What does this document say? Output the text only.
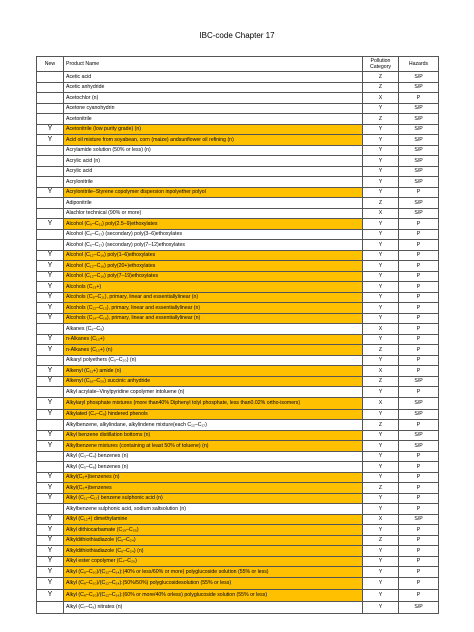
IBC-code Chapter 17
New	Product Name	Pollution Category	Hazards
	Acetic acid	Z	S/P
	Acetic anhydride	Z	S/P
	Acetochlor (n)	X	P
	Acetone cyanohydrin	Y	S/P
	Acetonitrile	Z	S/P
Y	Acetonitrile (low purity grade) (n)	Y	S/P
Y	Acid oil mixture from soyabean, corn (maize) andsunflower oil refining (n)	Y	S/P
	Acrylamide solution (50% or less) (n)	Y	S/P
	Acrylic acid (n)	Y	S/P
	Acrylic acid	Y	S/P
	Acrylonitrile	Y	S/P
Y	Acrylonitrile–Styrene copolymer dispersion inpolyether polyol	Y	P
	Adiponitrile	Z	S/P
	Alachlor technical (90% or more)	X	S/P
Y	Alcohol (C₉–C₁₁) poly(2.5–9)ethoxylates	Y	P
	Alcohol (C₆–C₁₇) (secondary) poly(3–6)ethoxylates	Y	P
	Alcohol (C₆–C₁₇) (secondary) poly(7–12)ethoxylates	Y	P
Y	Alcohol (C₁₂–C₁₆) poly(1–6)ethoxylates	Y	P
Y	Alcohol (C₁₂–C₁₆) poly(20+)ethoxylates	Y	P
Y	Alcohol (C₁₂–C₁₆) poly(7–19)ethoxylates	Y	P
Y	Alcohols (C₁₃+)	Y	P
Y	Alcohols (C₈–C₁₁), primary, linear and essentiallylinear (n)	Y	P
Y	Alcohols (C₁₂–C₁₃), primary, linear and essentiallylinear (n)	Y	P
Y	Alcohols (C₁₄–C₁₈), primary, linear and essentiallylinear (n)	Y	P
	Alkanes (C₆–C₉)	X	P
Y	n-Alkanes (C₁₀+)	Y	P
Y	n-Alkanes (C₁₀+) (n)	Z	P
	Alkaryl polyethers (C₉–C₂₀) (n)	Y	P
Y	Alkenyl (C₁₁+) amide (n)	X	P
Y	Alkenyl (C₁₆–C₂₀) succinic anhydride	Z	S/P
	Alkyl acrylate–Vinylpyridine copolymer intoluene (n)	Y	P
Y	Alkylaryl phosphate mixtures (more than40% Diphenyl tolyl phosphate, less than0.02% ortho-isomers)	X	S/P
Y	Alkylated (C₄–C₉) hindered phenols	Y	S/P
	Alkylbenzene, alkylindane, alkylindene mixture(each C₁₂–C₁₇)	Z	P
Y	Alkyl benzene distillation bottoms (n)	Y	S/P
Y	Alkylbenzene mixtures (containing at least 50% of toluene) (n)	Y	S/P
	Alkyl (C₃–C₄) benzenes (n)	Y	P
	Alkyl (C₅–C₈) benzenes (n)	Y	P
Y	Alkyl(C₉+)benzenes (n)	Y	P
Y	Alkyl(C₉+)benzenes	Z	P
Y	Alkyl (C₁₁–C₁₇) benzene sulphonic acid (n)	Y	P
	Alkylbenzene sulphonic acid, sodium saltsolution (n)	Y	P
Y	Alkyl (C₁₂+) dimethylamine	X	S/P
Y	Alkyl dithiocarbamate (C₁₉–C₃₅)	Y	P
Y	Alkyldithiothiadiazole (C₆–C₂₄)	Z	P
Y	Alkyldithiothiadiazole (C₆–C₂₄) (n)	Y	P
Y	Alkyl ester copolymer (C₄–C₂₀)	Y	P
Y	Alkyl (C₈–C₁₀)/(C₁₂–C₁₄):(40% or less/60% or more) polyglucoside solution (55% or less)	Y	P
Y	Alkyl (C₈–C₁₀)/(C₁₂–C₁₄):(50%/50%) polyglucosidesolution (55% or less)	Y	P
Y	Alkyl (C₈–C₁₀)/(C₁₂–C₁₄):(60% or more/40% orless) polyglucoside solution (55% or less)	Y	P
	Alkyl (C₇–C₉) nitrates (n)	Y	S/P
